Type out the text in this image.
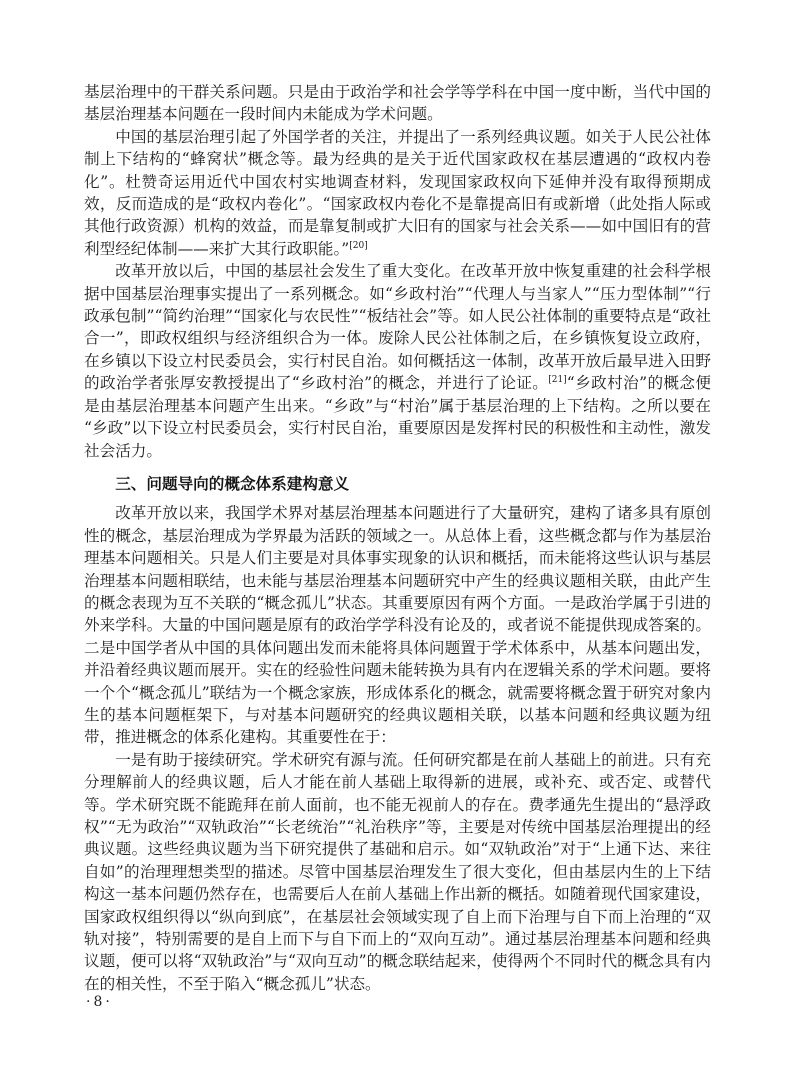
基层治理中的干群关系问题。只是由于政治学和社会学等学科在中国一度中断，当代中国的基层治理基本问题在一段时间内未能成为学术问题。

中国的基层治理引起了外国学者的关注，并提出了一系列经典议题。如关于人民公社体制上下结构的“蜂窝状”概念等。最为经典的是关于近代国家政权在基层遭遇的“政权内卷化”。杜赞奇运用近代中国农村实地调查材料，发现国家政权向下延伸并没有取得预期成效，反而造成的是“政权内卷化”。“国家政权内卷化不是靠提高旧有或新增（此处指人际或其他行政资源）机构的效益，而是靠复制或扩大旧有的国家与社会关系——如中国旧有的营利型经纪体制——来扩大其行政职能。”[20]

改革开放以后，中国的基层社会发生了重大变化。在改革开放中恢复重建的社会科学根据中国基层治理事实提出了一系列概念。如“乡政村治”“代理人与当家人”“压力型体制”“行政承包制”“简约治理”“国家化与农民性”“板结社会”等。如人民公社体制的重要特点是“政社合一”，即政权组织与经济组织合为一体。废除人民公社体制之后，在乡镇恢复设立政府，在乡镇以下设立村民委员会，实行村民自治。如何概括这一体制，改革开放后最早进入田野的政治学者张厚安教授提出了“乡政村治”的概念，并进行了论证。[21]“乡政村治”的概念便是由基层治理基本问题产生出来。“乡政”与“村治”属于基层治理的上下结构。之所以要在“乡政”以下设立村民委员会，实行村民自治，重要原因是发挥村民的积极性和主动性，激发社会活力。

三、问题导向的概念体系建构意义

改革开放以来，我国学术界对基层治理基本问题进行了大量研究，建构了诸多具有原创性的概念，基层治理成为学界最为活跃的领域之一。从总体上看，这些概念都与作为基层治理基本问题相关。只是人们主要是对具体事实现象的认识和概括，而未能将这些认识与基层治理基本问题相联结，也未能与基层治理基本问题研究中产生的经典议题相关联，由此产生的概念表现为互不关联的“概念孤儿”状态。其重要原因有两个方面。一是政治学属于引进的外来学科。大量的中国问题是原有的政治学学科没有论及的，或者说不能提供现成答案的。二是中国学者从中国的具体问题出发而未能将具体问题置于学术体系中，从基本问题出发，并沿着经典议题而展开。实在的经验性问题未能转换为具有内在逻辑关系的学术问题。要将一个个“概念孤儿”联结为一个概念家族，形成体系化的概念，就需要将概念置于研究对象内生的基本问题框架下，与对基本问题研究的经典议题相关联，以基本问题和经典议题为纽带，推进概念的体系化建构。其重要性在于：

一是有助于接续研究。学术研究有源与流。任何研究都是在前人基础上的前进。只有充分理解前人的经典议题，后人才能在前人基础上取得新的进展，或补充、或否定、或替代等。学术研究既不能跪拜在前人面前，也不能无视前人的存在。费孝通先生提出的“悬浮政权”“无为政治”“双轨政治”“长老统治”“礼治秩序”等，主要是对传统中国基层治理提出的经典议题。这些经典议题为当下研究提供了基础和启示。如“双轨政治”对于“上通下达、来往自如”的治理理想类型的描述。尽管中国基层治理发生了很大变化，但由基层内生的上下结构这一基本问题仍然存在，也需要后人在前人基础上作出新的概括。如随着现代国家建设，国家政权组织得以“纵向到底”，在基层社会领域实现了自上而下治理与自下而上治理的“双轨对接”，特别需要的是自上而下与自下而上的“双向互动”。通过基层治理基本问题和经典议题，便可以将“双轨政治”与“双向互动”的概念联结起来，使得两个不同时代的概念具有内在的相关性，不至于陷入“概念孤儿”状态。

·8·
